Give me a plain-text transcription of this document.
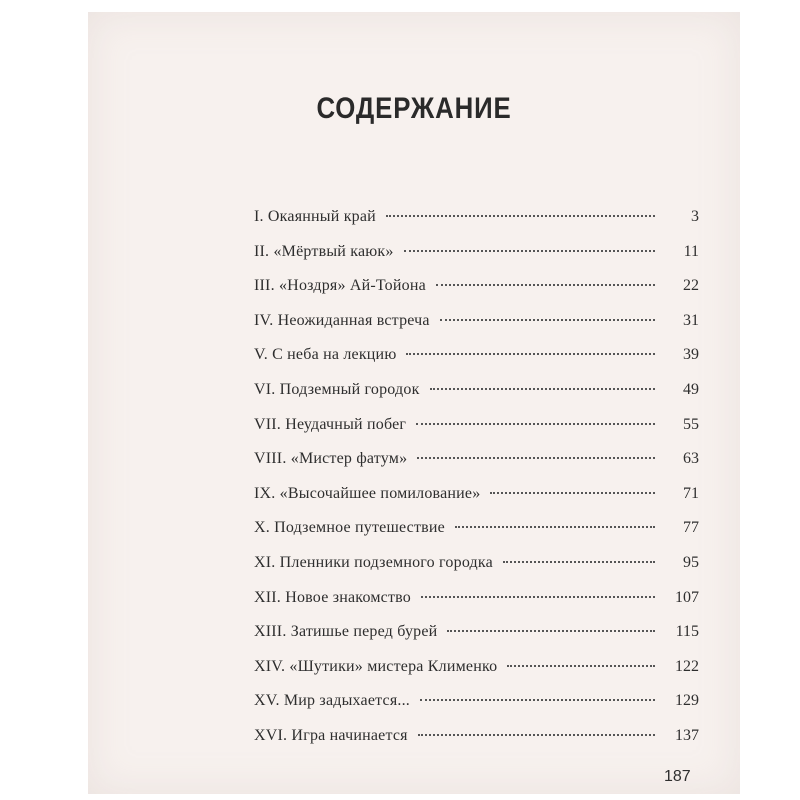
СОДЕРЖАНИЕ
I. Окаянный край	3
II. «Мёртвый каюк»	11
III. «Ноздря» Ай-Тойона	22
IV. Неожиданная встреча	31
V. С неба на лекцию	39
VI. Подземный городок	49
VII. Неудачный побег	55
VIII. «Мистер фатум»	63
IX. «Высочайшее помилование»	71
X. Подземное путешествие	77
XI. Пленники подземного городка	95
XII. Новое знакомство	107
XIII. Затишье перед бурей	115
XIV. «Шутики» мистера Клименко	122
XV. Мир задыхается...	129
XVI. Игра начинается	137
187
